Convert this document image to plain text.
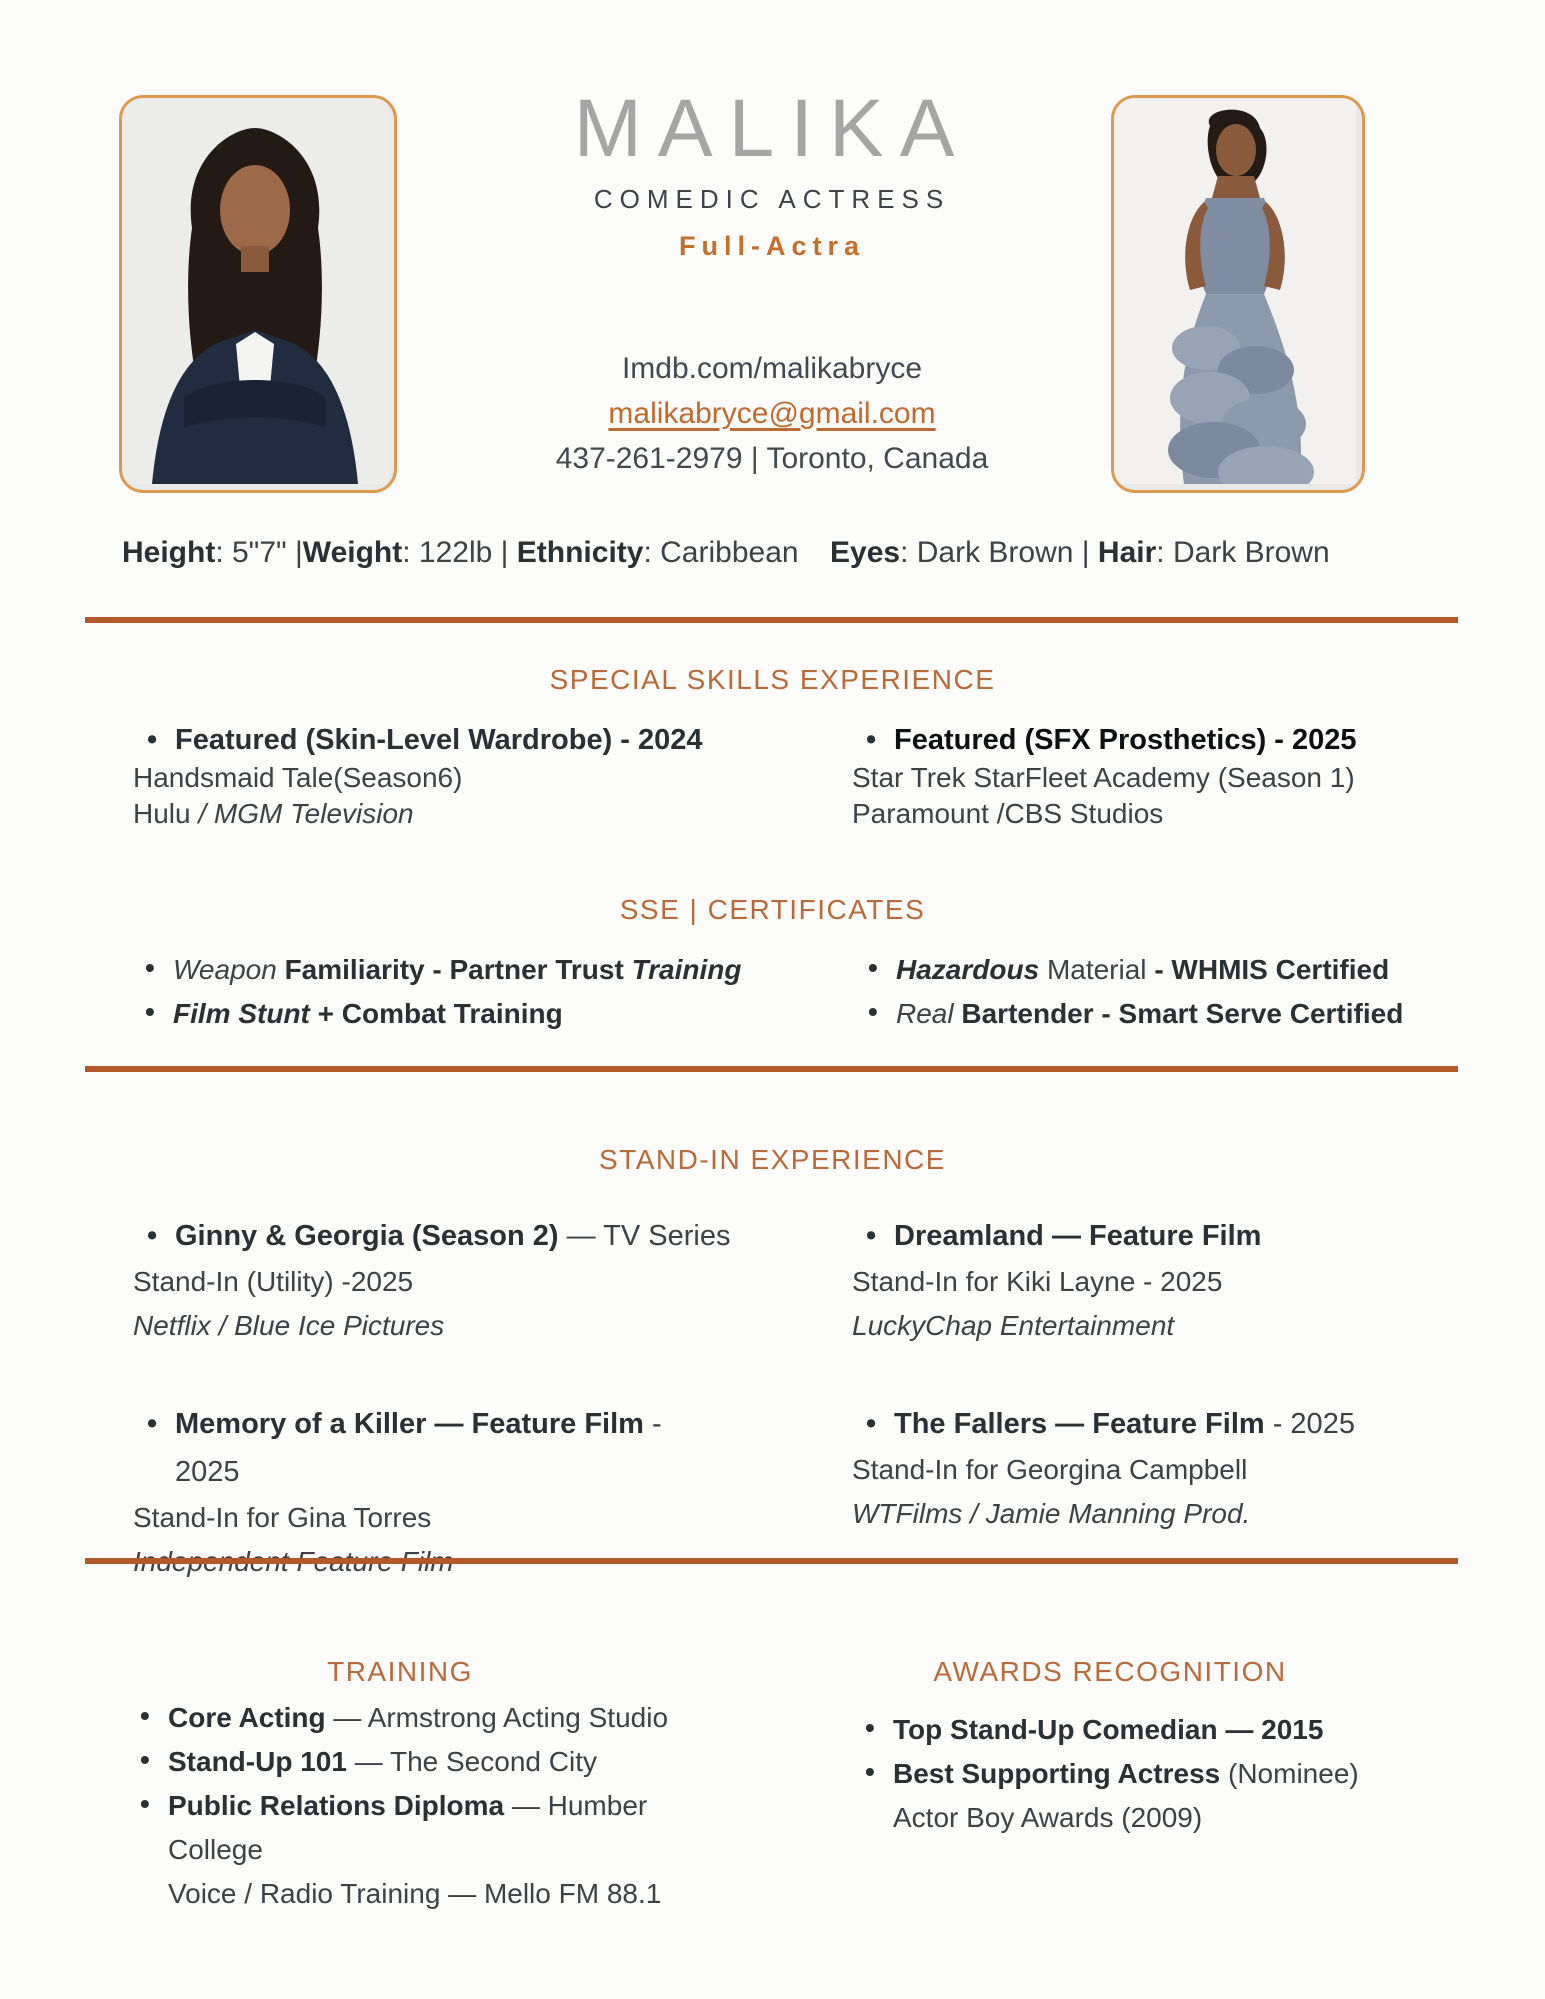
MALIKA
COMEDIC ACTRESS
Full-Actra
Imdb.com/malikabryce
malikabryce@gmail.com
437-261-2979 | Toronto, Canada
Height: 5"7" |Weight: 122lb | Ethnicity: Caribbean Eyes: Dark Brown | Hair: Dark Brown
SPECIAL SKILLS EXPERIENCE
• Featured (Skin-Level Wardrobe) - 2024
Handsmaid Tale(Season6)
Hulu / MGM Television
• Featured (SFX Prosthetics) - 2025
Star Trek StarFleet Academy (Season 1)
Paramount /CBS Studios
SSE | CERTIFICATES
• Weapon Familiarity - Partner Trust Training
• Film Stunt + Combat Training
• Hazardous Material - WHMIS Certified
• Real Bartender - Smart Serve Certified
STAND-IN EXPERIENCE
• Ginny & Georgia (Season 2) — TV Series
Stand-In (Utility) -2025
Netflix / Blue Ice Pictures
• Dreamland — Feature Film
Stand-In for Kiki Layne - 2025
LuckyChap Entertainment
• Memory of a Killer — Feature Film - 2025
Stand-In for Gina Torres
• The Fallers — Feature Film - 2025
Stand-In for Georgina Campbell
WTFilms / Jamie Manning Prod.
TRAINING
• Core Acting — Armstrong Acting Studio
• Stand-Up 101 — The Second City
• Public Relations Diploma — Humber College
Voice / Radio Training — Mello FM 88.1
AWARDS RECOGNITION
• Top Stand-Up Comedian — 2015
• Best Supporting Actress (Nominee)
Actor Boy Awards (2009)
